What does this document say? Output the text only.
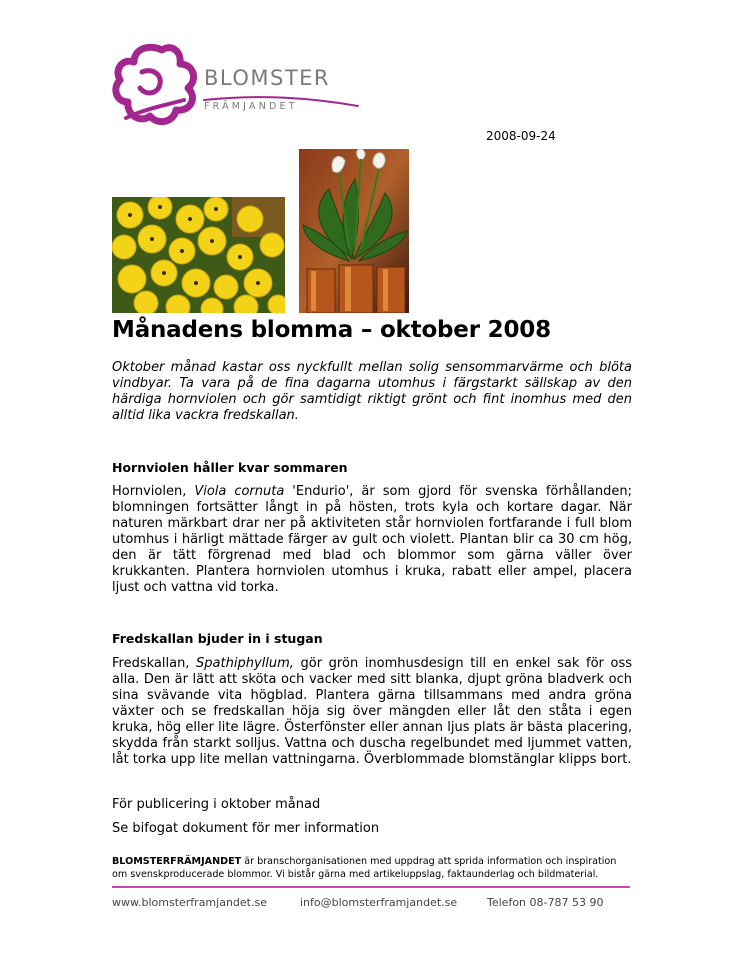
BLOMSTER
FRÄMJANDET
2008-09-24
Månadens blomma – oktober 2008
Oktober månad kastar oss nyckfullt mellan solig sensommarvärme och blöta vindbyar. Ta vara på de fina dagarna utomhus i färgstarkt sällskap av den härdiga hornviolen och gör samtidigt riktigt grönt och fint inomhus med den alltid lika vackra fredskallan.
Hornviolen håller kvar sommaren
Hornviolen, Viola cornuta 'Endurio', är som gjord för svenska förhållanden; blomningen fortsätter långt in på hösten, trots kyla och kortare dagar. När naturen märkbart drar ner på aktiviteten står hornviolen fortfarande i full blom utomhus i härligt mättade färger av gult och violett. Plantan blir ca 30 cm hög, den är tätt förgrenad med blad och blommor som gärna väller över krukkanten. Plantera hornviolen utomhus i kruka, rabatt eller ampel, placera ljust och vattna vid torka.
Fredskallan bjuder in i stugan
Fredskallan, Spathiphyllum, gör grön inomhusdesign till en enkel sak för oss alla. Den är lätt att sköta och vacker med sitt blanka, djupt gröna bladverk och sina svävande vita högblad. Plantera gärna tillsammans med andra gröna växter och se fredskallan höja sig över mängden eller låt den ståta i egen kruka, hög eller lite lägre. Österfönster eller annan ljus plats är bästa placering, skydda från starkt solljus. Vattna och duscha regelbundet med ljummet vatten, låt torka upp lite mellan vattningarna. Överblommade blomstänglar klipps bort.
För publicering i oktober månad
Se bifogat dokument för mer information
BLOMSTERFRÄMJANDET är branschorganisationen med uppdrag att sprida information och inspiration om svenskproducerade blommor. Vi bistår gärna med artikeluppslag, faktaunderlag och bildmaterial.
www.blomsterframjandet.se	info@blomsterframjandet.se	Telefon 08-787 53 90
